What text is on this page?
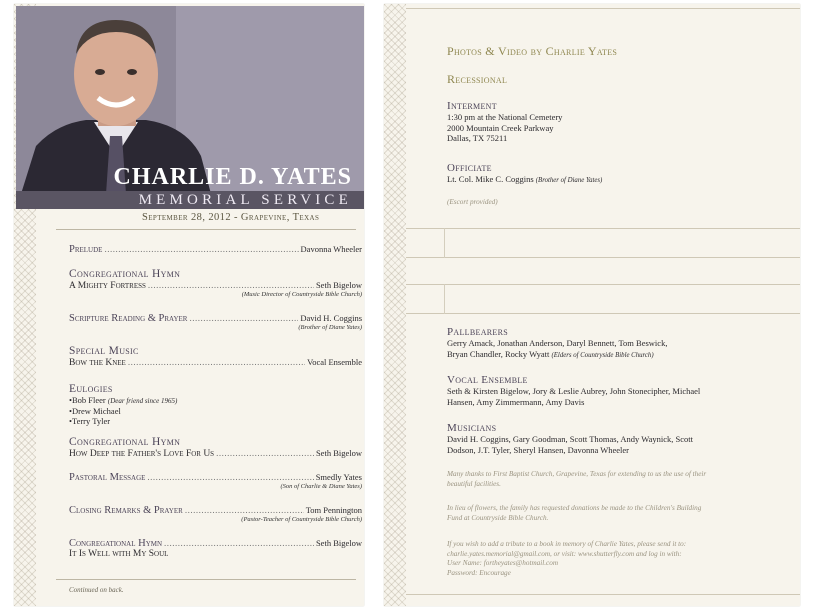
CHARLIE D. YATES
MEMORIAL SERVICE
September 28, 2012 - Grapevine, Texas
Prelude .....	Davonna Wheeler
Congregational Hymn
A Mighty Fortress .....	Seth Bigelow
(Music Director of Countryside Bible Church)
Scripture Reading & Prayer .....	David H. Coggins
(Brother of Diane Yates)
Special Music
Bow the Knee .....	Vocal Ensemble
Eulogies
•Bob Fleer (Dear friend since 1965)
•Drew Michael
•Terry Tyler
Congregational Hymn
How Deep the Father's Love For Us .....	Seth Bigelow
Pastoral Message .....	Smedly Yates
(Son of Charlie & Diane Yates)
Closing Remarks & Prayer .....	Tom Pennington
(Pastor-Teacher of Countryside Bible Church)
Congregational Hymn .....	Seth Bigelow
It Is Well with My Soul
Continued on back.
Photos & Video by Charlie Yates
Recessional
Interment
1:30 pm at the National Cemetery
2000 Mountain Creek Parkway
Dallas, TX 75211
Officiate
Lt. Col. Mike C. Coggins (Brother of Diane Yates)
(Escort provided)
Pallbearers
Gerry Amack, Jonathan Anderson, Daryl Bennett, Tom Beswick,
Bryan Chandler, Rocky Wyatt (Elders of Countryside Bible Church)
Vocal Ensemble
Seth & Kirsten Bigelow, Jory & Leslie Aubrey, John Stonecipher, Michael
Hansen, Amy Zimmermann, Amy Davis
Musicians
David H. Coggins, Gary Goodman, Scott Thomas, Andy Waynick, Scott
Dodson, J.T. Tyler, Sheryl Hansen, Davonna Wheeler
Many thanks to First Baptist Church, Grapevine, Texas for extending to us the use of their
beautiful facilities.
In lieu of flowers, the family has requested donations be made to the Children's Building
Fund at Countryside Bible Church.
If you wish to add a tribute to a book in memory of Charlie Yates, please send it to:
charlie.yates.memorial@gmail.com, or visit: www.shutterfly.com and log in with:
User Name: fortheyates@hotmail.com
Password: Encourage
